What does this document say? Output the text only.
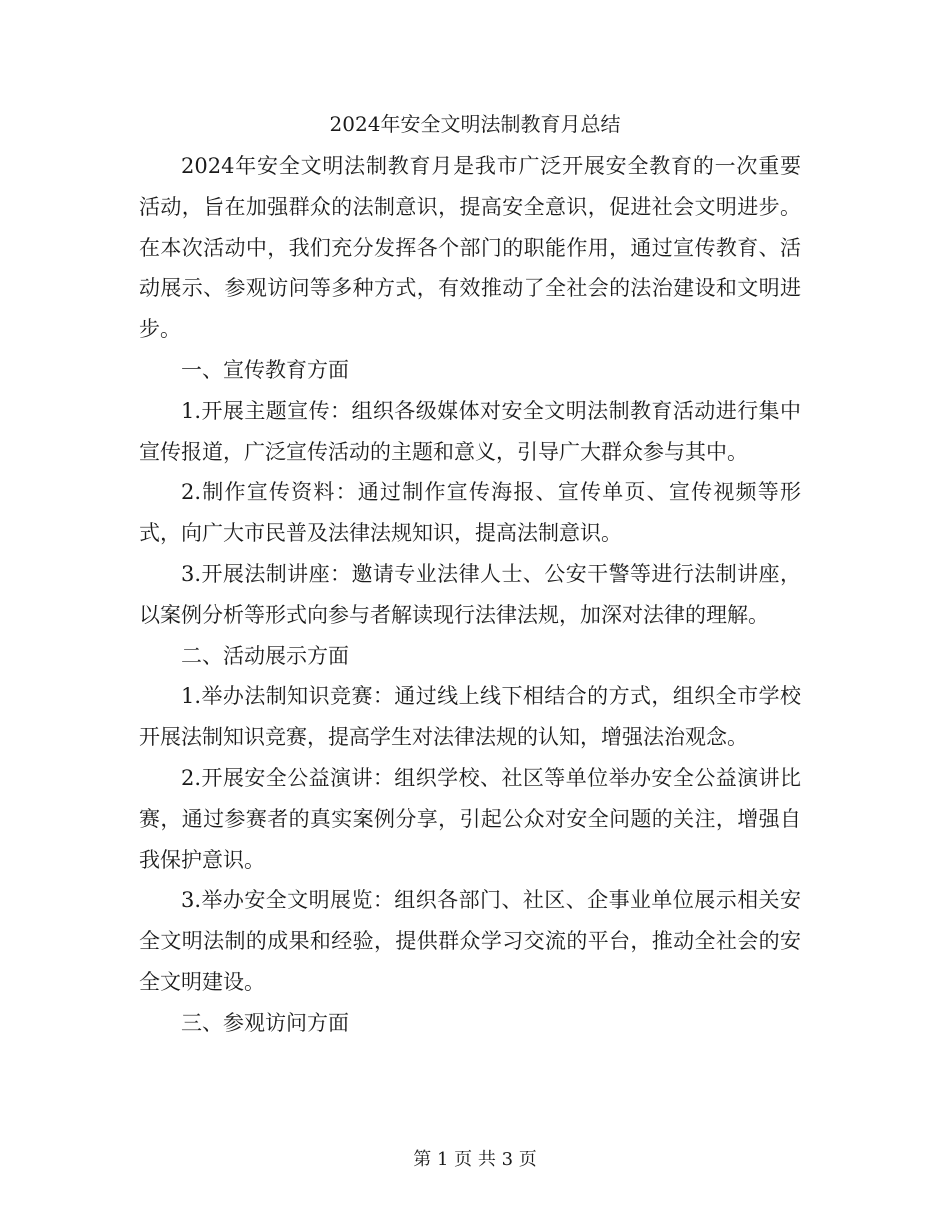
2024年安全文明法制教育月总结

2024年安全文明法制教育月是我市广泛开展安全教育的一次重要活动，旨在加强群众的法制意识，提高安全意识，促进社会文明进步。在本次活动中，我们充分发挥各个部门的职能作用，通过宣传教育、活动展示、参观访问等多种方式，有效推动了全社会的法治建设和文明进步。

一、宣传教育方面

1.开展主题宣传：组织各级媒体对安全文明法制教育活动进行集中宣传报道，广泛宣传活动的主题和意义，引导广大群众参与其中。

2.制作宣传资料：通过制作宣传海报、宣传单页、宣传视频等形式，向广大市民普及法律法规知识，提高法制意识。

3.开展法制讲座：邀请专业法律人士、公安干警等进行法制讲座，以案例分析等形式向参与者解读现行法律法规，加深对法律的理解。

二、活动展示方面

1.举办法制知识竞赛：通过线上线下相结合的方式，组织全市学校开展法制知识竞赛，提高学生对法律法规的认知，增强法治观念。

2.开展安全公益演讲：组织学校、社区等单位举办安全公益演讲比赛，通过参赛者的真实案例分享，引起公众对安全问题的关注，增强自我保护意识。

3.举办安全文明展览：组织各部门、社区、企事业单位展示相关安全文明法制的成果和经验，提供群众学习交流的平台，推动全社会的安全文明建设。

三、参观访问方面

第 1 页 共 3 页
